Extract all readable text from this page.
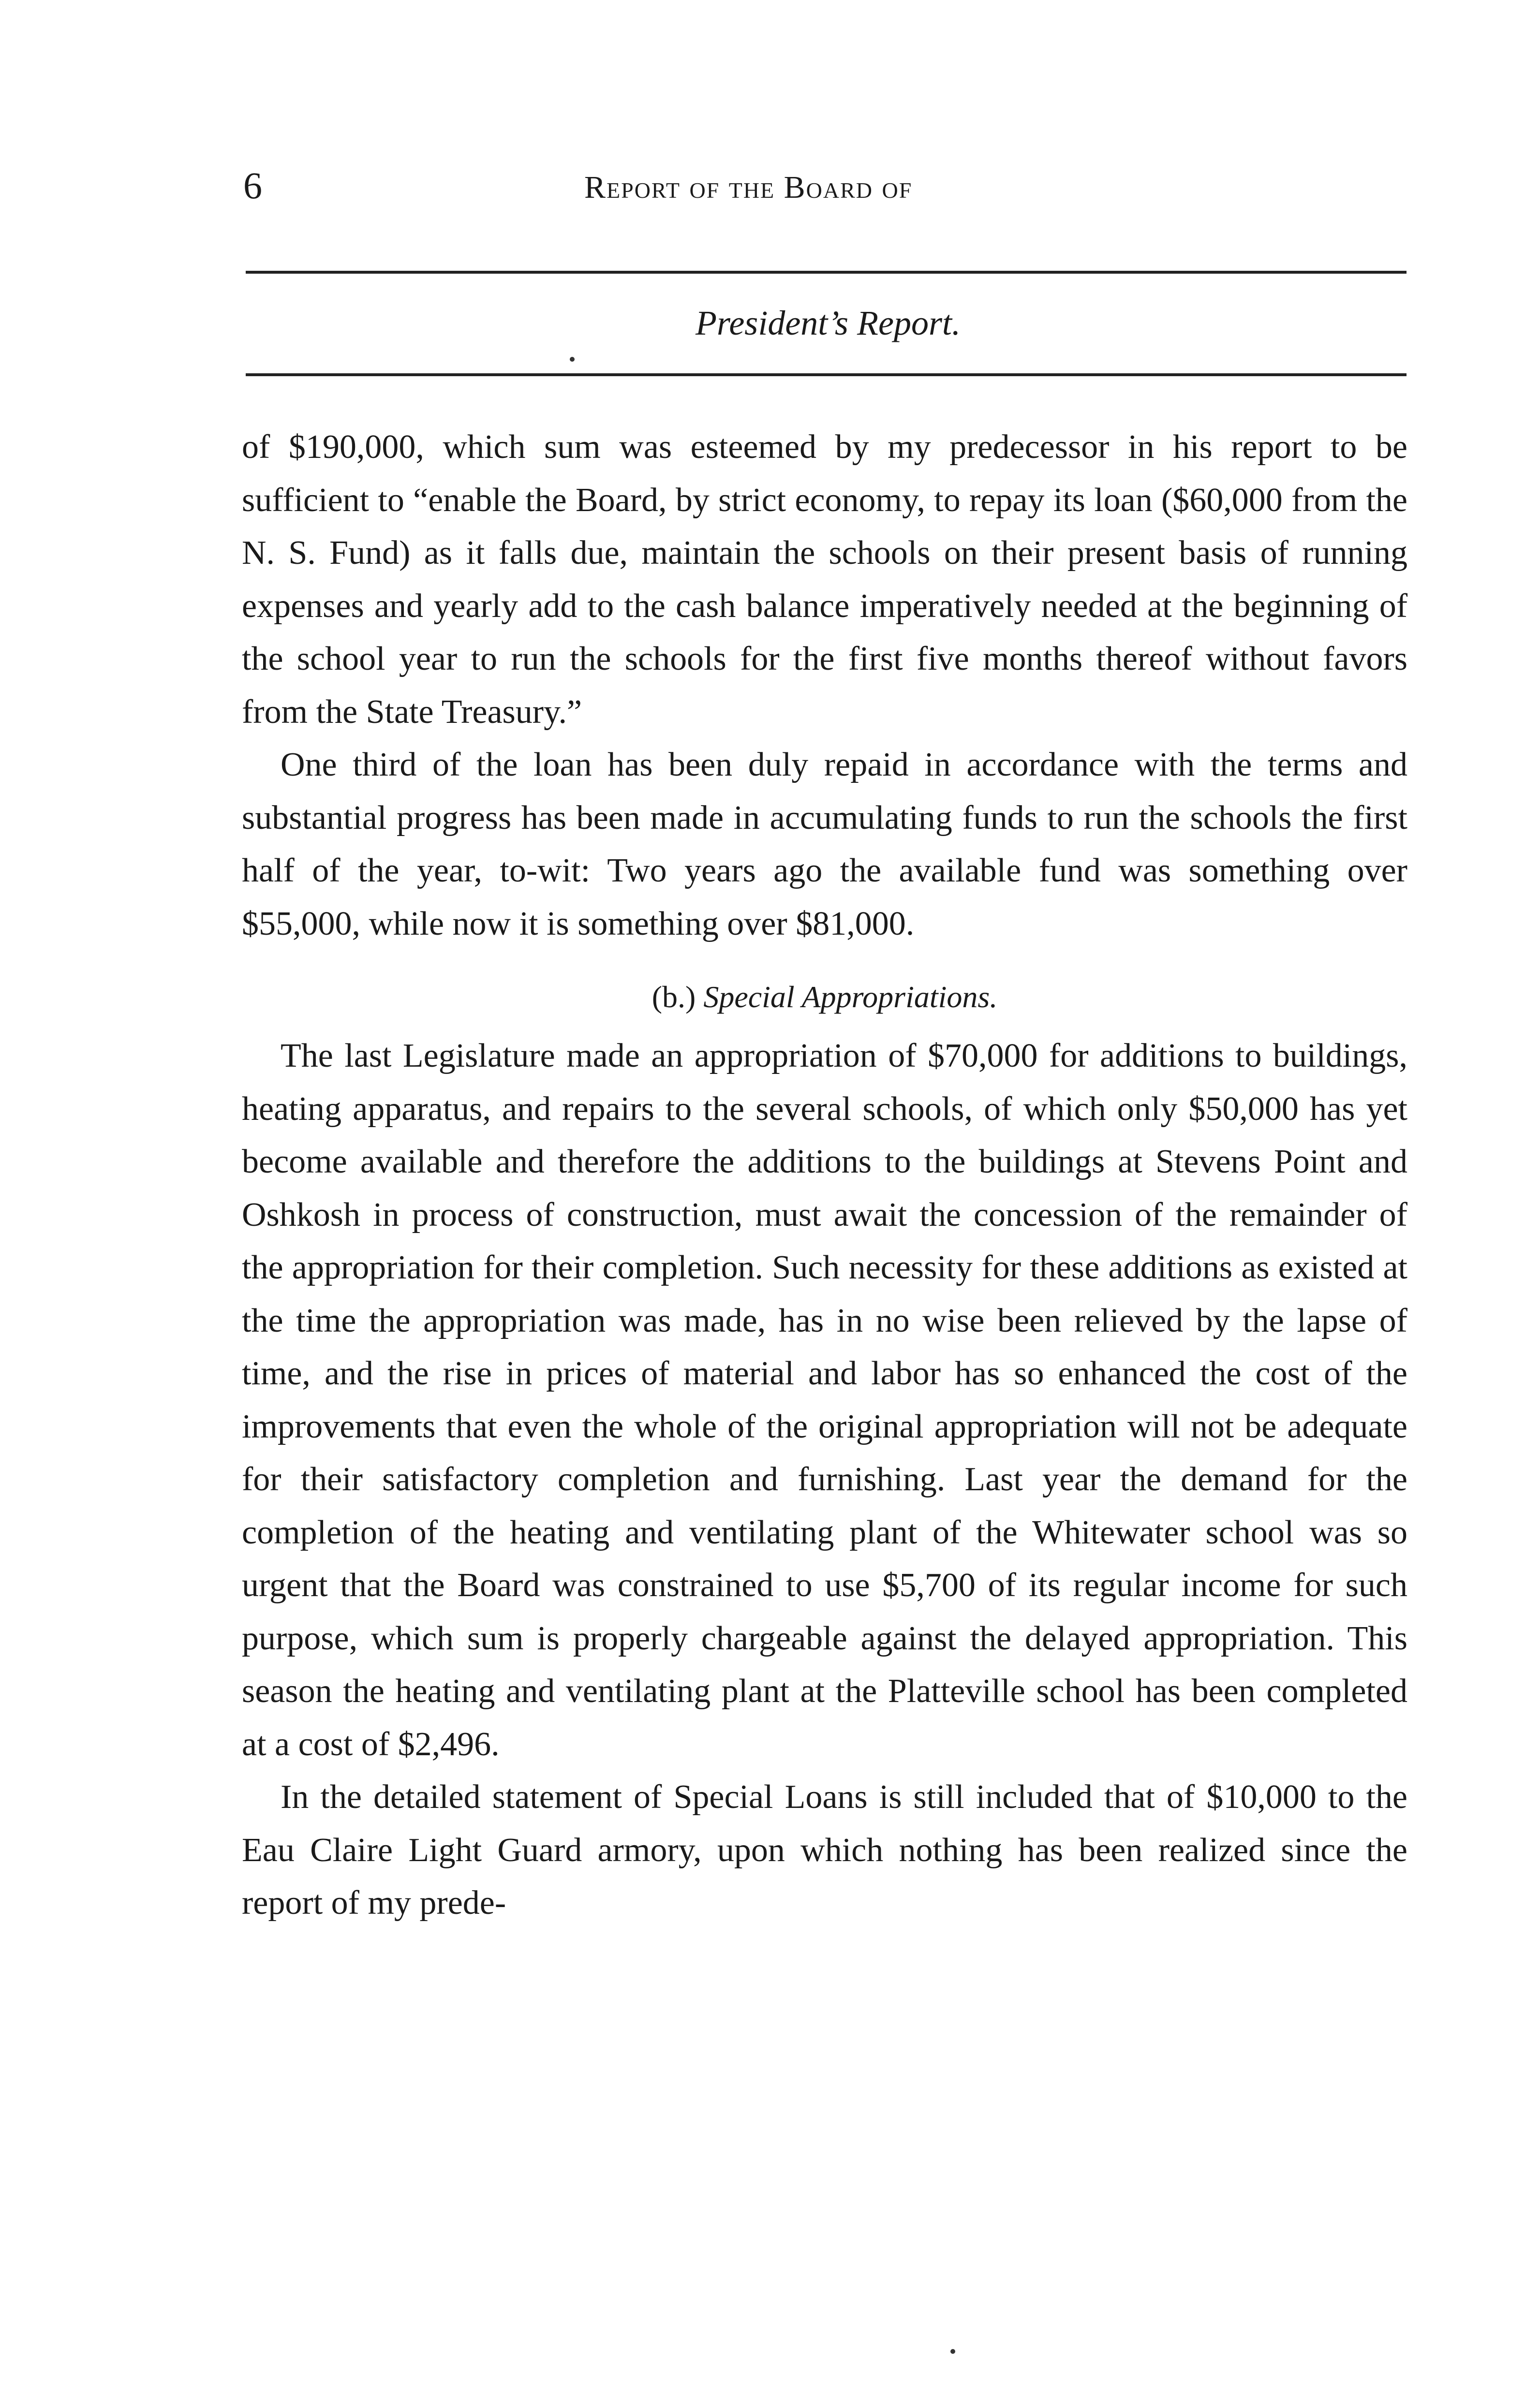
6	Report of the Board of
President’s Report.

of $190,000, which sum was esteemed by my predecessor in his report to be sufficient to “enable the Board, by strict economy, to repay its loan ($60,000 from the N. S. Fund) as it falls due, maintain the schools on their present basis of running expenses and yearly add to the cash balance imperatively needed at the beginning of the school year to run the schools for the first five months thereof without favors from the State Treasury.”

One third of the loan has been duly repaid in accordance with the terms and substantial progress has been made in accumulating funds to run the schools the first half of the year, to-wit: Two years ago the available fund was something over $55,000, while now it is something over $81,000.

(b.) Special Appropriations.

The last Legislature made an appropriation of $70,000 for additions to buildings, heating apparatus, and repairs to the several schools, of which only $50,000 has yet become available and therefore the additions to the buildings at Stevens Point and Oshkosh in process of construction, must await the concession of the remainder of the appropriation for their completion. Such necessity for these additions as existed at the time the appropriation was made, has in no wise been relieved by the lapse of time, and the rise in prices of material and labor has so enhanced the cost of the improvements that even the whole of the original appropriation will not be adequate for their satisfactory completion and furnishing. Last year the demand for the completion of the heating and ventilating plant of the Whitewater school was so urgent that the Board was constrained to use $5,700 of its regular income for such purpose, which sum is properly chargeable against the delayed appropriation. This season the heating and ventilating plant at the Platteville school has been completed at a cost of $2,496.

In the detailed statement of Special Loans is still included that of $10,000 to the Eau Claire Light Guard armory, upon which nothing has been realized since the report of my prede-
